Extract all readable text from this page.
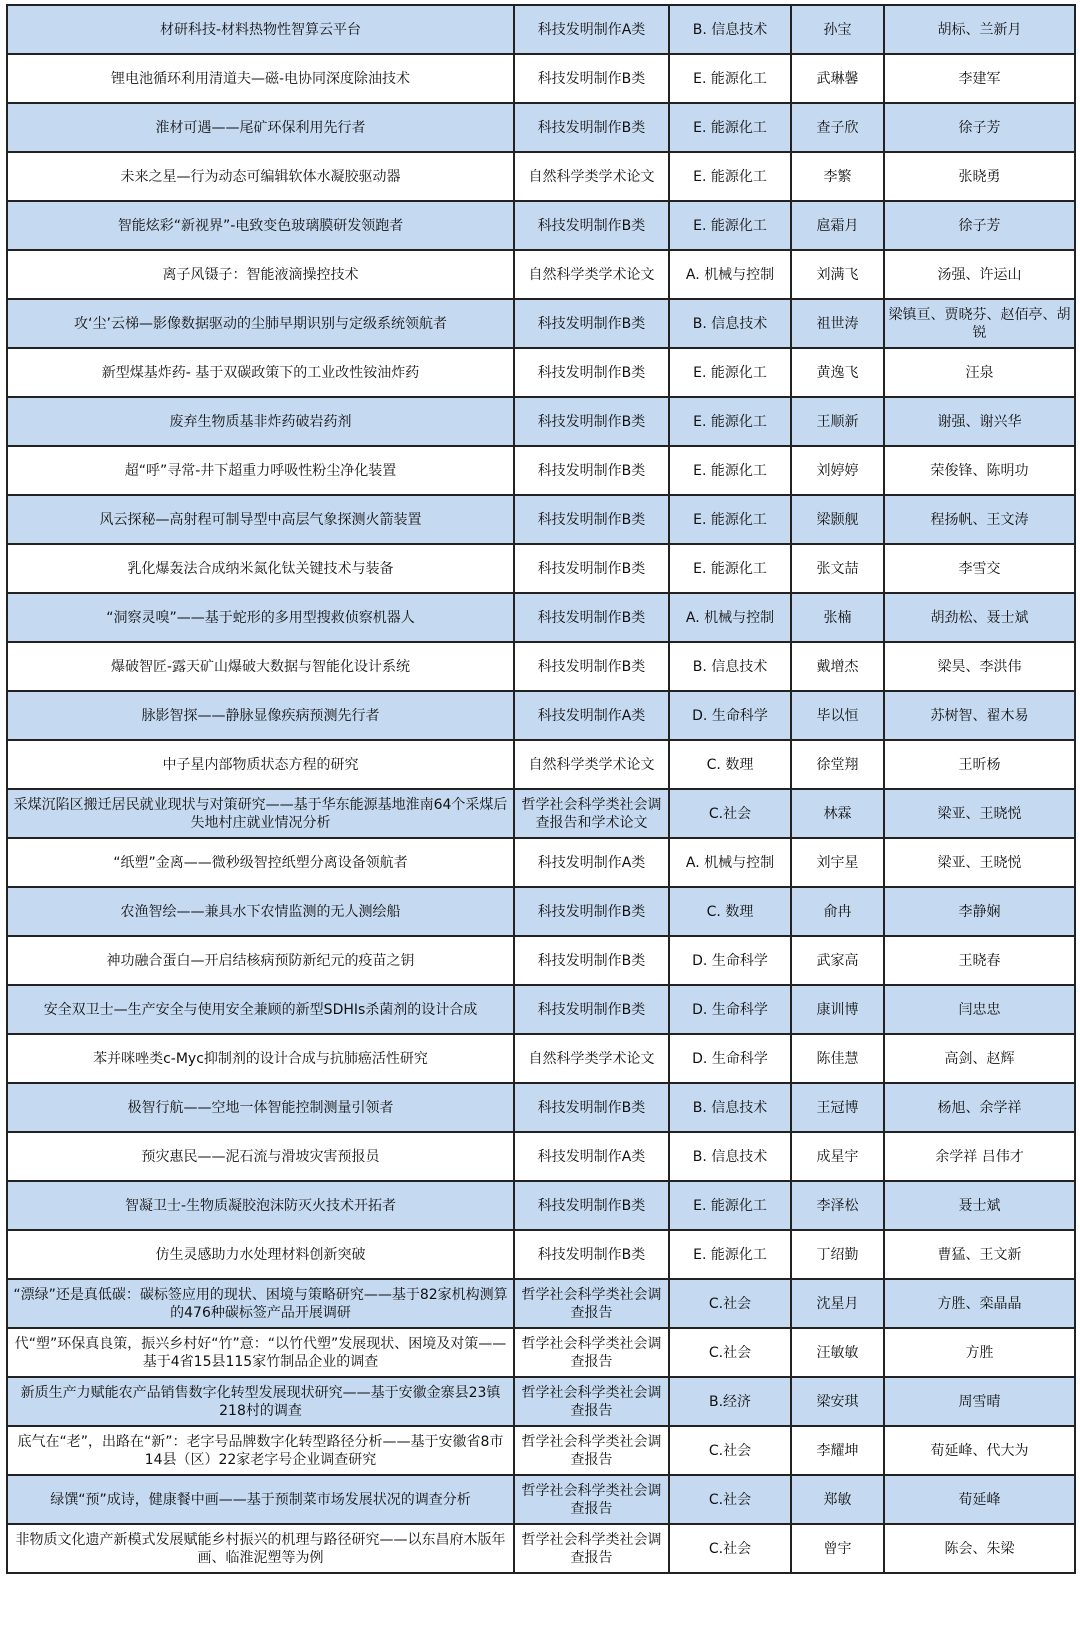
材研科技-材料热物性智算云平台	科技发明制作A类	B. 信息技术	孙宝	胡标、兰新月
锂电池循环利用清道夫—磁-电协同深度除油技术	科技发明制作B类	E. 能源化工	武琳馨	李建军
淮材可遇——尾矿环保利用先行者	科技发明制作B类	E. 能源化工	查子欣	徐子芳
未来之星—行为动态可编辑软体水凝胶驱动器	自然科学类学术论文	E. 能源化工	李繁	张晓勇
智能炫彩“新视界”-电致变色玻璃膜研发领跑者	科技发明制作B类	E. 能源化工	扈霜月	徐子芳
离子风镊子：智能液滴操控技术	自然科学类学术论文	A. 机械与控制	刘满飞	汤强、许运山
攻‘尘’云梯—影像数据驱动的尘肺早期识别与定级系统领航者	科技发明制作B类	B. 信息技术	祖世涛	梁镇亘、贾晓芬、赵佰亭、胡锐
新型煤基炸药- 基于双碳政策下的工业改性铵油炸药	科技发明制作B类	E. 能源化工	黄逸飞	汪泉
废弃生物质基非炸药破岩药剂	科技发明制作B类	E. 能源化工	王顺新	谢强、谢兴华
超“呼”寻常-井下超重力呼吸性粉尘净化装置	科技发明制作B类	E. 能源化工	刘婷婷	荣俊锋、陈明功
风云探秘—高射程可制导型中高层气象探测火箭装置	科技发明制作B类	E. 能源化工	梁颢舰	程扬帆、王文涛
乳化爆轰法合成纳米氮化钛关键技术与装备	科技发明制作B类	E. 能源化工	张文喆	李雪交
“洞察灵嗅”——基于蛇形的多用型搜救侦察机器人	科技发明制作B类	A. 机械与控制	张楠	胡劲松、聂士斌
爆破智匠-露天矿山爆破大数据与智能化设计系统	科技发明制作B类	B. 信息技术	戴增杰	梁昊、李洪伟
脉影智探——静脉显像疾病预测先行者	科技发明制作A类	D. 生命科学	毕以恒	苏树智、翟木易
中子星内部物质状态方程的研究	自然科学类学术论文	C. 数理	徐堂翔	王昕杨
采煤沉陷区搬迁居民就业现状与对策研究——基于华东能源基地淮南64个采煤后失地村庄就业情况分析	哲学社会科学类社会调查报告和学术论文	C.社会	林霖	梁亚、王晓悦
“纸塑”金离——微秒级智控纸塑分离设备领航者	科技发明制作A类	A. 机械与控制	刘宇星	梁亚、王晓悦
农渔智绘——兼具水下农情监测的无人测绘船	科技发明制作B类	C. 数理	俞冉	李静娴
神功融合蛋白—开启结核病预防新纪元的疫苗之钥	科技发明制作B类	D. 生命科学	武家高	王晓春
安全双卫士—生产安全与使用安全兼顾的新型SDHIs杀菌剂的设计合成	科技发明制作B类	D. 生命科学	康训博	闫忠忠
苯并咪唑类c-Myc抑制剂的设计合成与抗肺癌活性研究	自然科学类学术论文	D. 生命科学	陈佳慧	高剑、赵辉
极智行航——空地一体智能控制测量引领者	科技发明制作B类	B. 信息技术	王冠博	杨旭、余学祥
预灾惠民——泥石流与滑坡灾害预报员	科技发明制作A类	B. 信息技术	成星宇	余学祥 吕伟才
智凝卫士-生物质凝胶泡沫防灭火技术开拓者	科技发明制作B类	E. 能源化工	李泽松	聂士斌
仿生灵感助力水处理材料创新突破	科技发明制作B类	E. 能源化工	丁绍勤	曹猛、王文新
“漂绿”还是真低碳：碳标签应用的现状、困境与策略研究——基于82家机构测算的476种碳标签产品开展调研	哲学社会科学类社会调查报告	C.社会	沈星月	方胜、栾晶晶
代“塑”环保真良策，振兴乡村好“竹”意：“以竹代塑”发展现状、困境及对策——基于4省15县115家竹制品企业的调查	哲学社会科学类社会调查报告	C.社会	汪敏敏	方胜
新质生产力赋能农产品销售数字化转型发展现状研究——基于安徽金寨县23镇218村的调查	哲学社会科学类社会调查报告	B.经济	梁安琪	周雪晴
底气在“老”，出路在“新”：老字号品牌数字化转型路径分析——基于安徽省8市14县（区）22家老字号企业调查研究	哲学社会科学类社会调查报告	C.社会	李耀坤	荀延峰、代大为
绿馔“预”成诗，健康餐中画——基于预制菜市场发展状况的调查分析	哲学社会科学类社会调查报告	C.社会	郑敏	荀延峰
非物质文化遗产新模式发展赋能乡村振兴的机理与路径研究——以东昌府木版年画、临淮泥塑等为例	哲学社会科学类社会调查报告	C.社会	曾宇	陈会、朱梁
